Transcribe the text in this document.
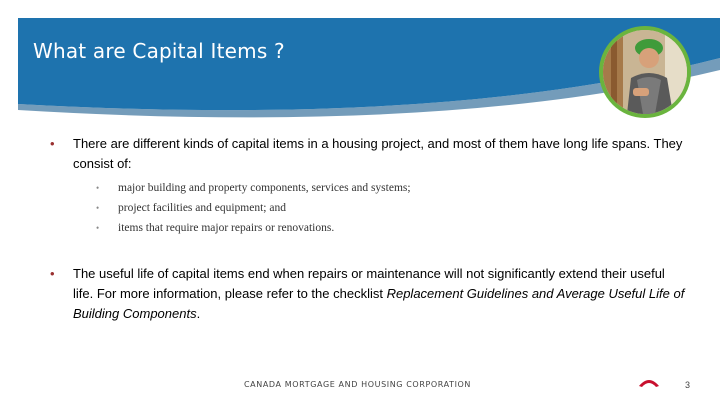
What are Capital Items ?
• There are different kinds of capital items in a housing project, and most of them have long life spans. They consist of:
• major building and property components, services and systems;
• project facilities and equipment; and
• items that require major repairs or renovations.
• The useful life of capital items end when repairs or maintenance will not significantly extend their useful life. For more information, please refer to the checklist Replacement Guidelines and Average Useful Life of Building Components.
CANADA MORTGAGE AND HOUSING CORPORATION	3
